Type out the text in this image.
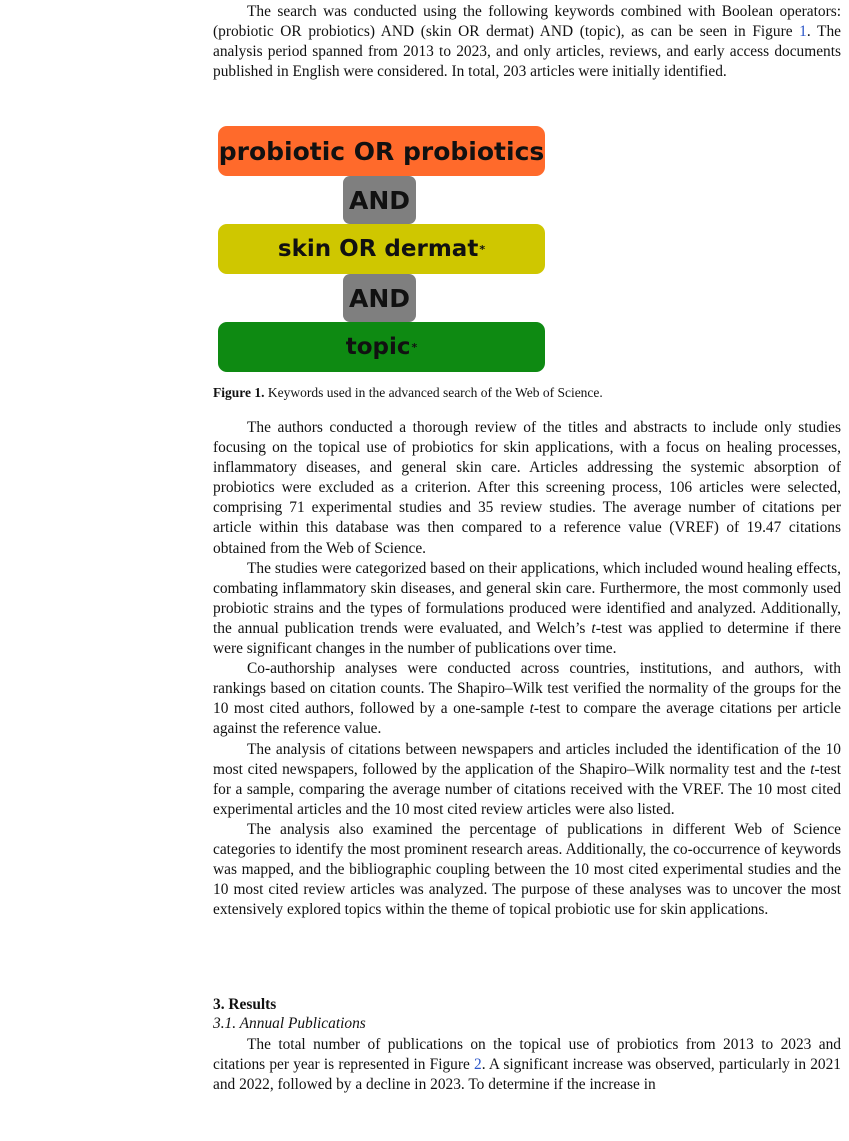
The search was conducted using the following keywords combined with Boolean operators: (probiotic OR probiotics) AND (skin OR dermat) AND (topic), as can be seen in Figure 1. The analysis period spanned from 2013 to 2023, and only articles, reviews, and early access documents published in English were considered. In total, 203 articles were initially identified.

probiotic OR probiotics
AND
skin OR dermat *
AND
topic *

Figure 1. Keywords used in the advanced search of the Web of Science.

The authors conducted a thorough review of the titles and abstracts to include only studies focusing on the topical use of probiotics for skin applications, with a focus on healing processes, inflammatory diseases, and general skin care. Articles addressing the systemic absorption of probiotics were excluded as a criterion. After this screening process, 106 articles were selected, comprising 71 experimental studies and 35 review studies. The average number of citations per article within this database was then compared to a reference value (VREF) of 19.47 citations obtained from the Web of Science.

The studies were categorized based on their applications, which included wound healing effects, combating inflammatory skin diseases, and general skin care. Furthermore, the most commonly used probiotic strains and the types of formulations produced were identified and analyzed. Additionally, the annual publication trends were evaluated, and Welch’s t-test was applied to determine if there were significant changes in the number of publications over time.

Co-authorship analyses were conducted across countries, institutions, and authors, with rankings based on citation counts. The Shapiro–Wilk test verified the normality of the groups for the 10 most cited authors, followed by a one-sample t-test to compare the average citations per article against the reference value.

The analysis of citations between newspapers and articles included the identification of the 10 most cited newspapers, followed by the application of the Shapiro–Wilk normality test and the t-test for a sample, comparing the average number of citations received with the VREF. The 10 most cited experimental articles and the 10 most cited review articles were also listed.

The analysis also examined the percentage of publications in different Web of Science categories to identify the most prominent research areas. Additionally, the co-occurrence of keywords was mapped, and the bibliographic coupling between the 10 most cited experimental studies and the 10 most cited review articles was analyzed. The purpose of these analyses was to uncover the most extensively explored topics within the theme of topical probiotic use for skin applications.

3. Results

3.1. Annual Publications

The total number of publications on the topical use of probiotics from 2013 to 2023 and citations per year is represented in Figure 2. A significant increase was observed, particularly in 2021 and 2022, followed by a decline in 2023. To determine if the increase in
